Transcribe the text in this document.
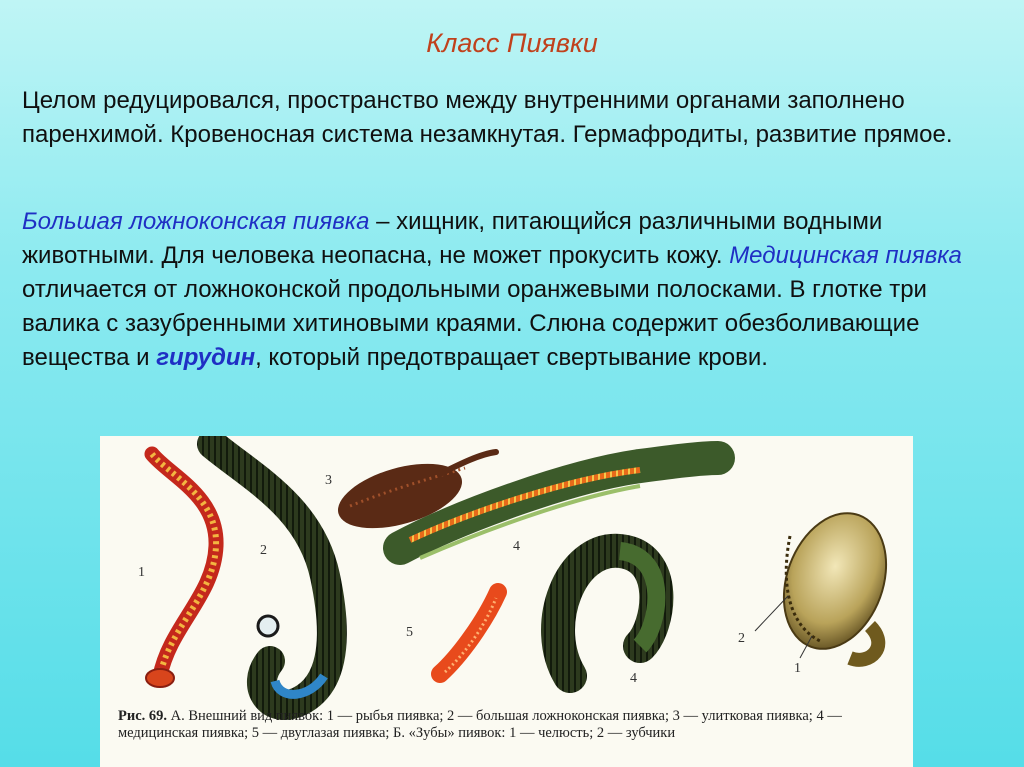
Класс Пиявки
Целом редуцировался, пространство между внутренними органами заполнено паренхимой. Кровеносная система незамкнутая. Гермафродиты, развитие прямое.
Большая ложноконская пиявка – хищник, питающийся различными водными животными. Для человека неопасна, не может прокусить кожу. Медицинская пиявка отличается от ложноконской продольными оранжевыми полосками. В глотке три валика с зазубренными хитиновыми краями. Слюна содержит обезболивающие вещества и гирудин, который предотвращает свертывание крови.
1
2
3
4
5
4
1
2
Рис. 69. А. Внешний вид пиявок: 1 — рыбья пиявка; 2 — большая ложноконская пиявка; 3 — улитковая пиявка; 4 — медицинская пиявка; 5 — двуглазая пиявка; Б. «Зубы» пиявок: 1 — челюсть; 2 — зубчики
